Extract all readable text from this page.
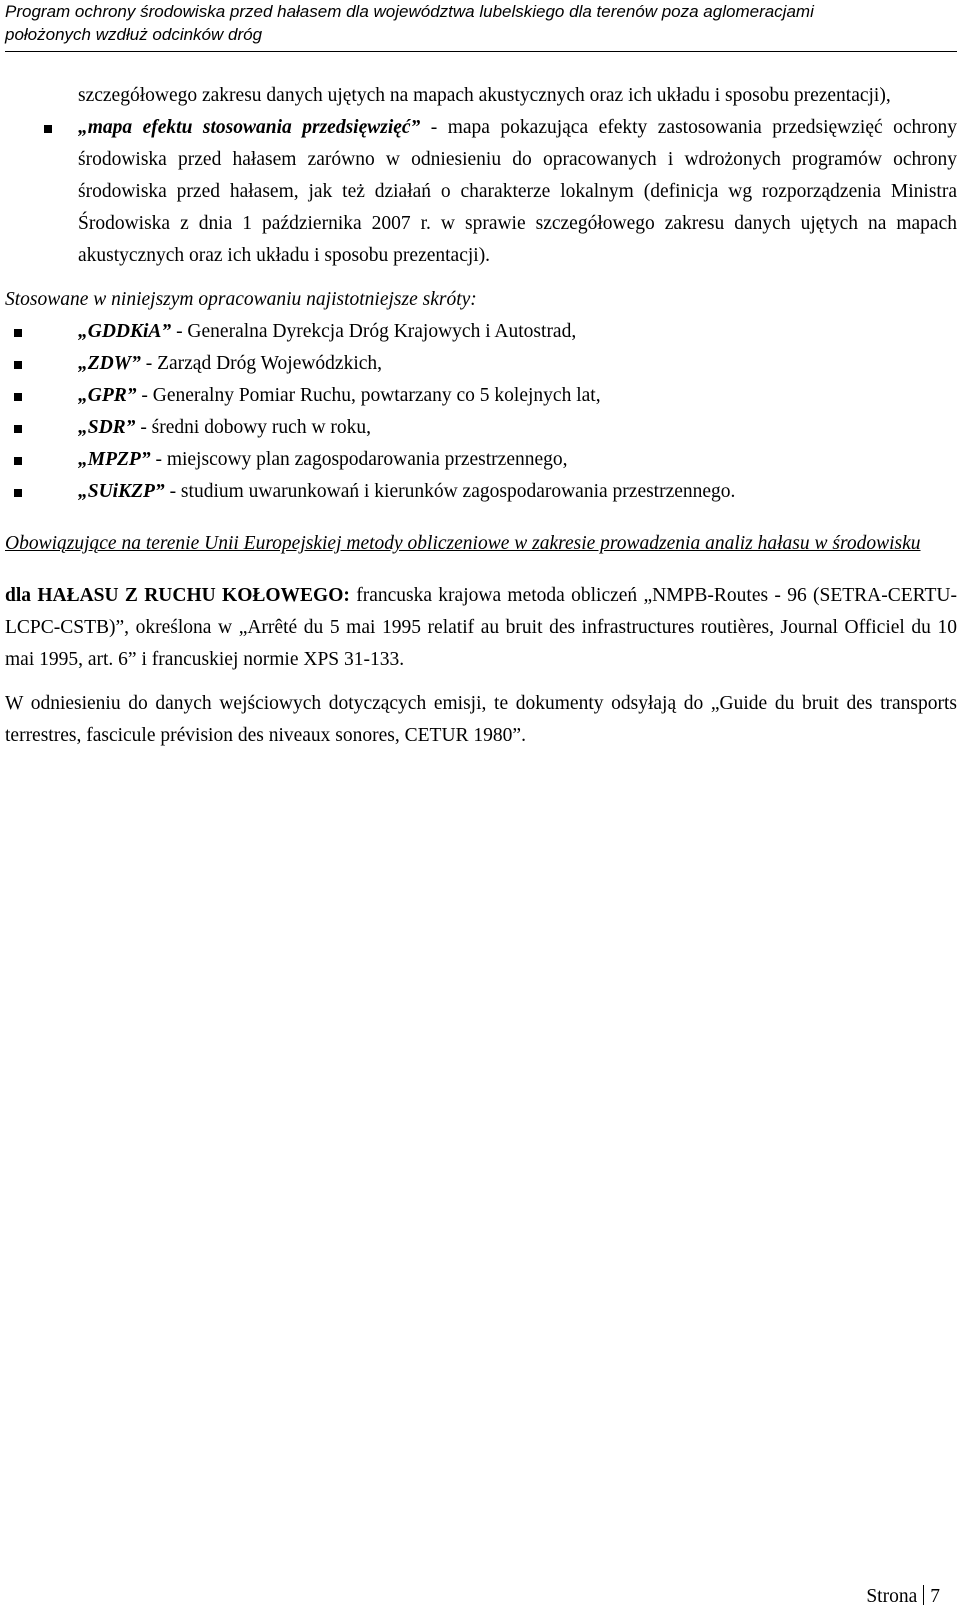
Program ochrony środowiska przed hałasem dla województwa lubelskiego dla terenów poza aglomeracjami
położonych wzdłuż odcinków dróg

szczegółowego zakresu danych ujętych na mapach akustycznych oraz ich układu i sposobu prezentacji),

„mapa efektu stosowania przedsięwzięć” - mapa pokazująca efekty zastosowania przedsięwzięć ochrony środowiska przed hałasem zarówno w odniesieniu do opracowanych i wdrożonych programów ochrony środowiska przed hałasem, jak też działań o charakterze lokalnym (definicja wg rozporządzenia Ministra Środowiska z dnia 1 października 2007 r. w sprawie szczegółowego zakresu danych ujętych na mapach akustycznych oraz ich układu i sposobu prezentacji).
Stosowane w niniejszym opracowaniu najistotniejsze skróty:
„GDDKiA” - Generalna Dyrekcja Dróg Krajowych i Autostrad,
„ZDW” - Zarząd Dróg Wojewódzkich,
„GPR” - Generalny Pomiar Ruchu, powtarzany co 5 kolejnych lat,
„SDR” - średni dobowy ruch w roku,
„MPZP” - miejscowy plan zagospodarowania przestrzennego,
„SUiKZP” - studium uwarunkowań i kierunków zagospodarowania przestrzennego.
Obowiązujące na terenie Unii Europejskiej metody obliczeniowe w zakresie prowadzenia analiz hałasu w środowisku

dla HAŁASU Z RUCHU KOŁOWEGO: francuska krajowa metoda obliczeń „NMPB-Routes - 96 (SETRA-CERTU-LCPC-CSTB)”, określona w „Arrêté du 5 mai 1995 relatif au bruit des infrastructures routières, Journal Officiel du 10 mai 1995, art. 6” i francuskiej normie XPS 31-133.

W odniesieniu do danych wejściowych dotyczących emisji, te dokumenty odsyłają do „Guide du bruit des transports terrestres, fascicule prévision des niveaux sonores, CETUR 1980”.

Strona 7
